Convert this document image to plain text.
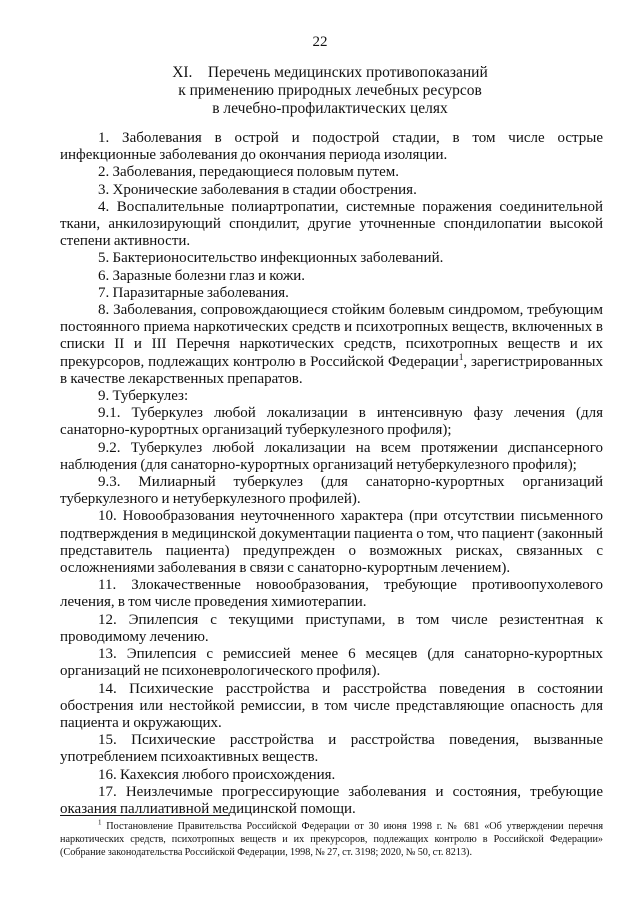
22
XI.    Перечень медицинских противопоказаний
к применению природных лечебных ресурсов
в лечебно-профилактических целях

1. Заболевания в острой и подострой стадии, в том числе острые инфекционные заболевания до окончания периода изоляции.

2. Заболевания, передающиеся половым путем.

3. Хронические заболевания в стадии обострения.

4. Воспалительные полиартропатии, системные поражения соединительной ткани, анкилозирующий спондилит, другие уточненные спондилопатии высокой степени активности.

5. Бактерионосительство инфекционных заболеваний.

6. Заразные болезни глаз и кожи.

7. Паразитарные заболевания.

8. Заболевания, сопровождающиеся стойким болевым синдромом, требующим постоянного приема наркотических средств и психотропных веществ, включенных в списки II и III Перечня наркотических средств, психотропных веществ и их прекурсоров, подлежащих контролю в Российской Федерации$^1$, зарегистрированных в качестве лекарственных препаратов.

9. Туберкулез:

9.1. Туберкулез любой локализации в интенсивную фазу лечения (для санаторно-курортных организаций туберкулезного профиля);

9.2. Туберкулез любой локализации на всем протяжении диспансерного наблюдения (для санаторно-курортных организаций нетуберкулезного профиля);

9.3. Милиарный туберкулез (для санаторно-курортных организаций туберкулезного и нетуберкулезного профилей).

10. Новообразования неуточненного характера (при отсутствии письменного подтверждения в медицинской документации пациента о том, что пациент (законный представитель пациента) предупрежден о возможных рисках, связанных с осложнениями заболевания в связи с санаторно-курортным лечением).

11. Злокачественные новообразования, требующие противоопухолевого лечения, в том числе проведения химиотерапии.

12. Эпилепсия с текущими приступами, в том числе резистентная к проводимому лечению.

13. Эпилепсия с ремиссией менее 6 месяцев (для санаторно-курортных организаций не психоневрологического профиля).

14. Психические расстройства и расстройства поведения в состоянии обострения или нестойкой ремиссии, в том числе представляющие опасность для пациента и окружающих.

15. Психические расстройства и расстройства поведения, вызванные употреблением психоактивных веществ.

16. Кахексия любого происхождения.

17. Неизлечимые прогрессирующие заболевания и состояния, требующие оказания паллиативной медицинской помощи.

$^1$ Постановление Правительства Российской Федерации от 30 июня 1998 г. № 681 «Об утверждении перечня наркотических средств, психотропных веществ и их прекурсоров, подлежащих контролю в Российской Федерации» (Собрание законодательства Российской Федерации, 1998, № 27, ст. 3198; 2020, № 50, ст. 8213).
